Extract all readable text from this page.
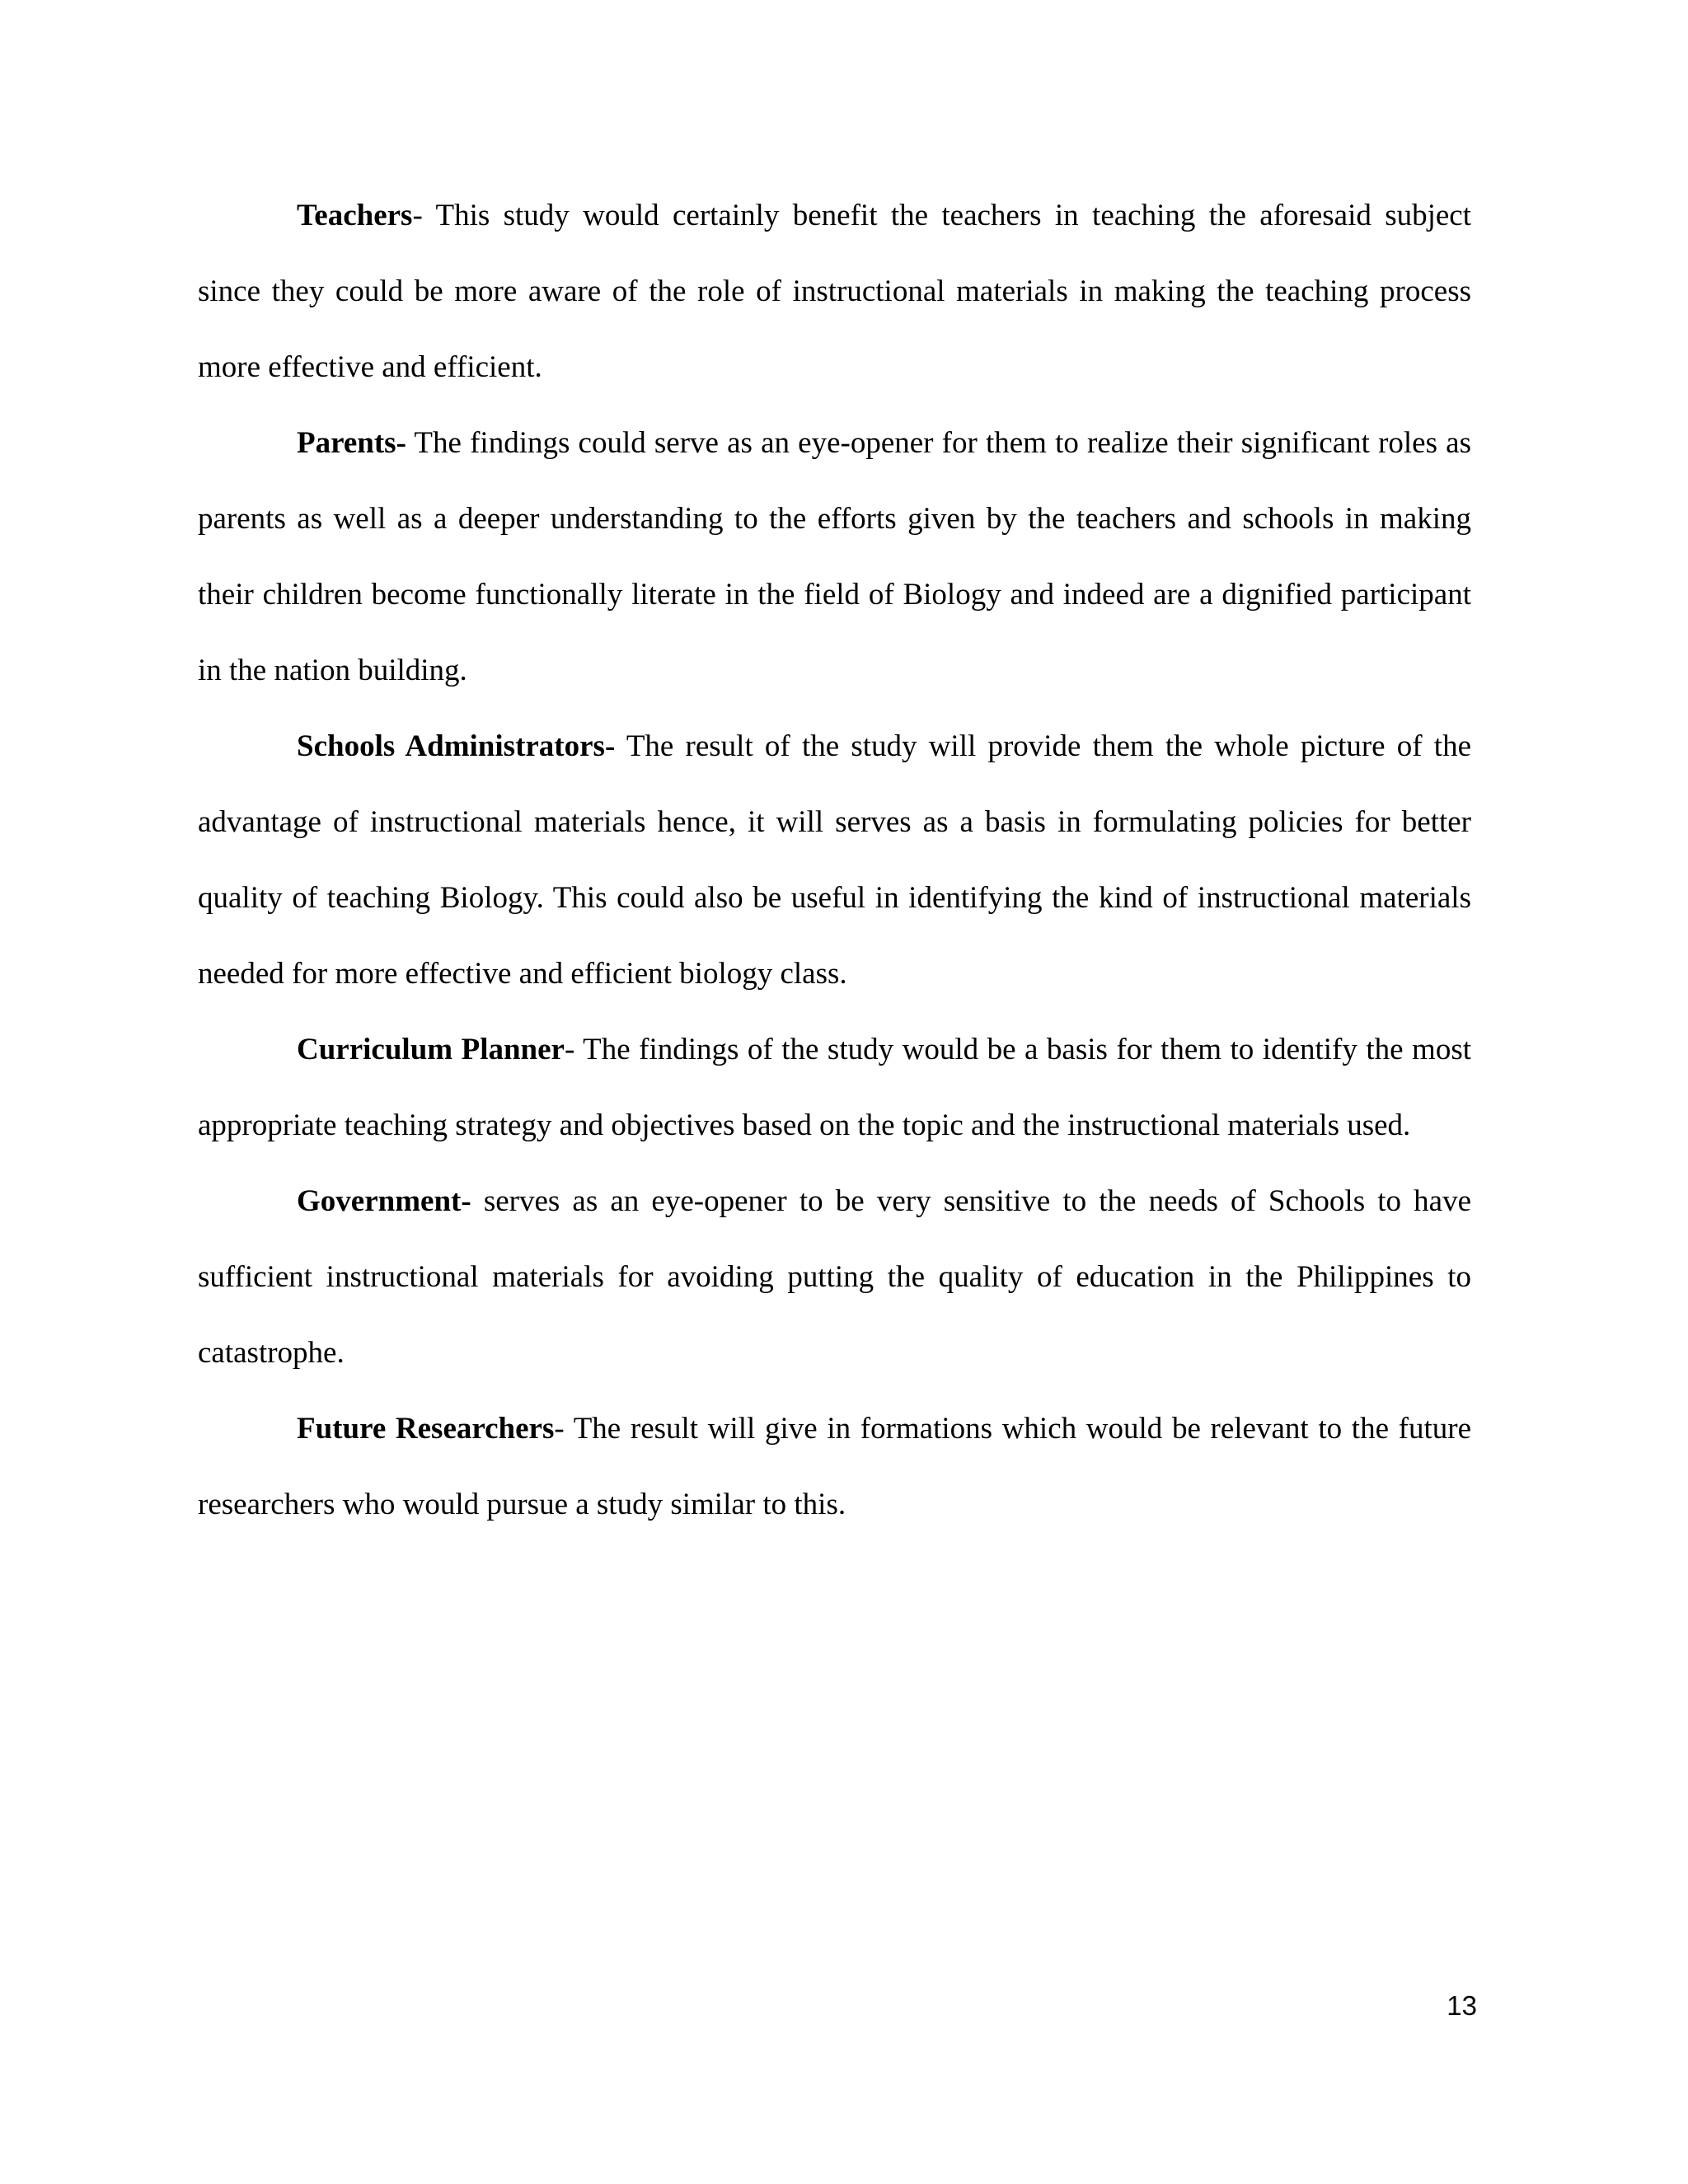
Teachers- This study would certainly benefit the teachers in teaching the aforesaid subject since they could be more aware of the role of instructional materials in making the teaching process more effective and efficient.

Parents- The findings could serve as an eye-opener for them to realize their significant roles as parents as well as a deeper understanding to the efforts given by the teachers and schools in making their children become functionally literate in the field of Biology and indeed are a dignified participant in the nation building.

Schools Administrators- The result of the study will provide them the whole picture of the advantage of instructional materials hence, it will serves as a basis in formulating policies for better quality of teaching Biology. This could also be useful in identifying the kind of instructional materials needed for more effective and efficient biology class.

Curriculum Planner- The findings of the study would be a basis for them to identify the most appropriate teaching strategy and objectives based on the topic and the instructional materials used.

Government- serves as an eye-opener to be very sensitive to the needs of Schools to have sufficient instructional materials for avoiding putting the quality of education in the Philippines to catastrophe.

Future Researchers- The result will give in formations which would be relevant to the future researchers who would pursue a study similar to this.

13
